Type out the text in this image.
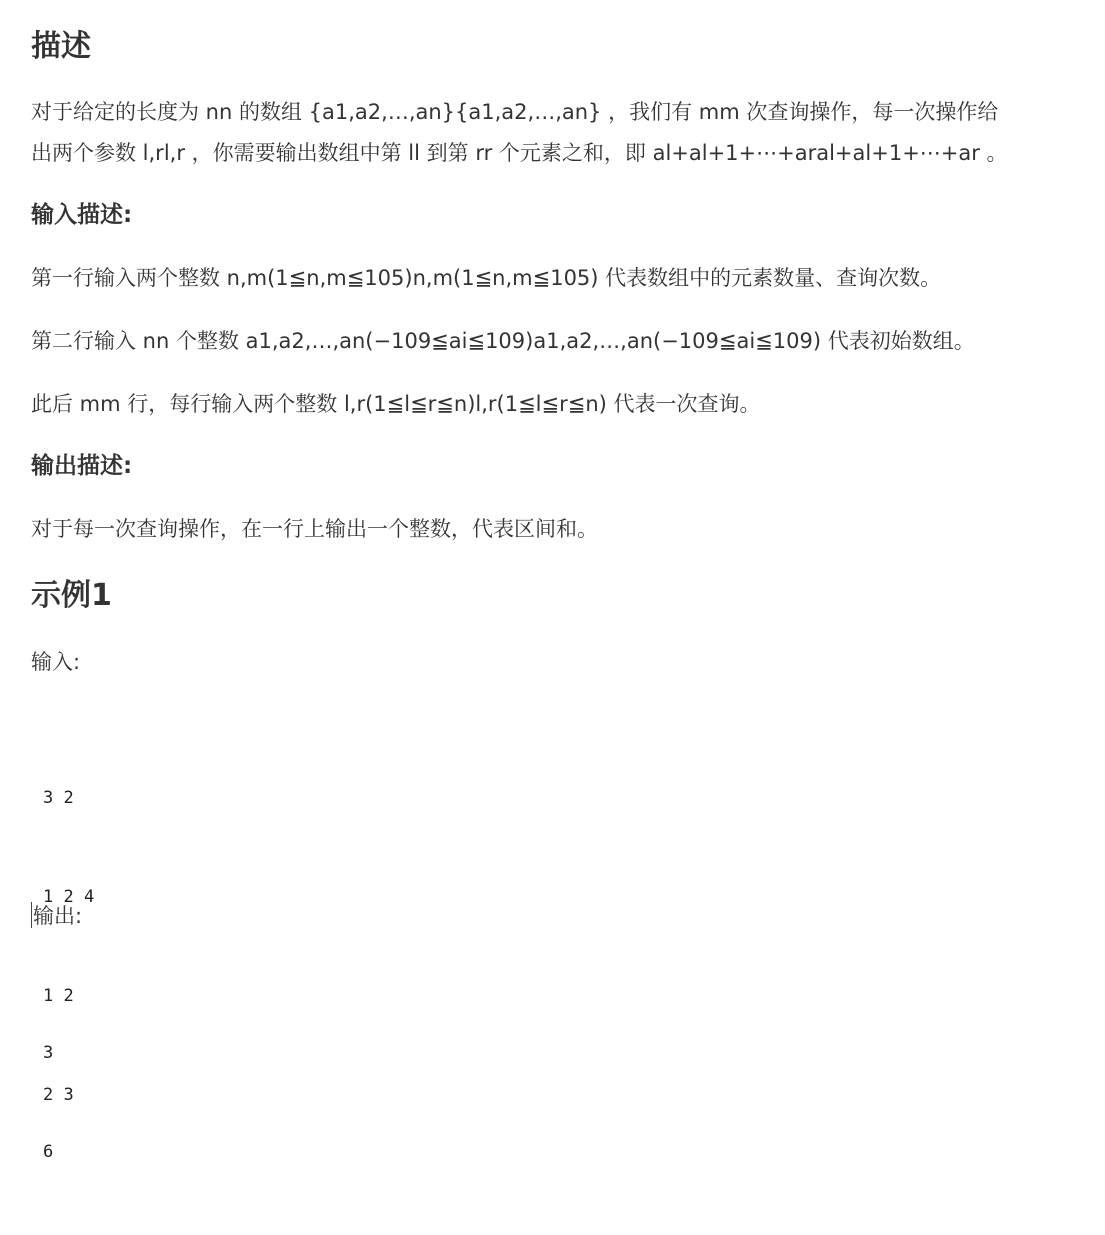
描述

对于给定的长度为 nn 的数组 {a1,a2,…,an}{a1,a2,…,an} ，我们有 mm 次查询操作，每一次操作给

出两个参数 l,rl,r ，你需要输出数组中第 ll 到第 rr 个元素之和，即 al+al+1+⋯+aral+al+1+⋯+ar 。

输入描述:

第一行输入两个整数 n,m(1≦n,m≦105)n,m(1≦n,m≦105) 代表数组中的元素数量、查询次数。

第二行输入 nn 个整数 a1,a2,…,an(−109≦ai≦109)a1,a2,…,an(−109≦ai≦109) 代表初始数组。

此后 mm 行，每行输入两个整数 l,r(1≦l≦r≦n)l,r(1≦l≦r≦n) 代表一次查询。

输出描述:

对于每一次查询操作，在一行上输出一个整数，代表区间和。

示例1
输入:

3 2

1 2 4

1 2

2 3

输出:

3

6
